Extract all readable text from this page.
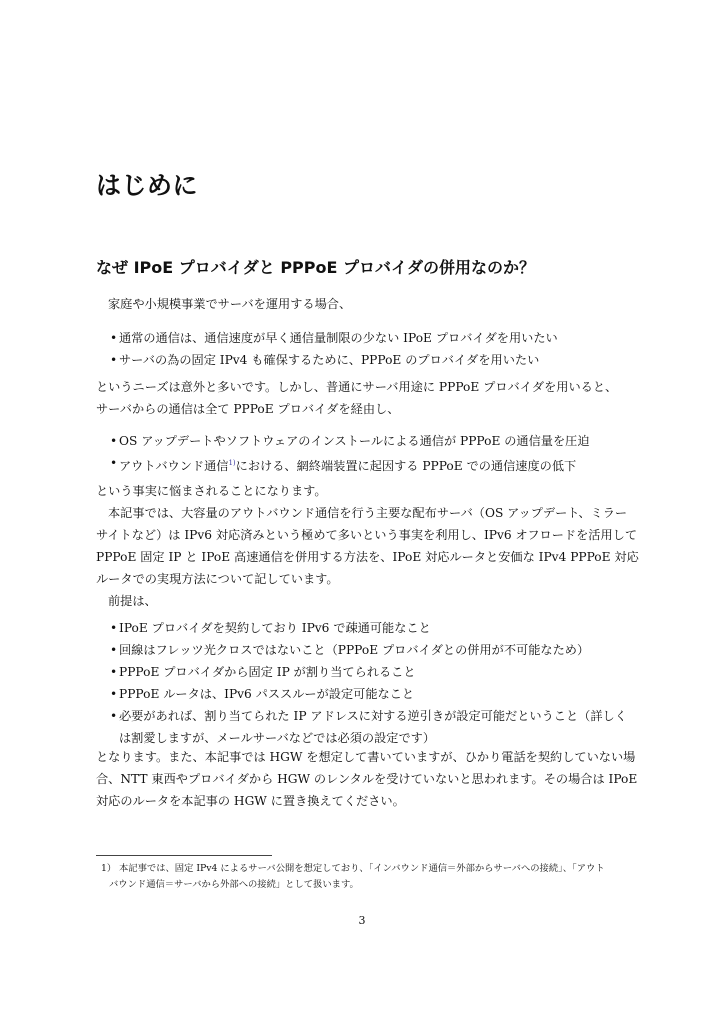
はじめに
なぜ IPoE プロバイダと PPPoE プロバイダの併用なのか？

家庭や小規模事業でサーバを運用する場合、

• 通常の通信は、通信速度が早く通信量制限の少ない IPoE プロバイダを用いたい
• サーバの為の固定 IPv4 も確保するために、PPPoE のプロバイダを用いたい

というニーズは意外と多いです。しかし、普通にサーバ用途に PPPoE プロバイダを用いると、
サーバからの通信は全て PPPoE プロバイダを経由し、

• OS アップデートやソフトウェアのインストールによる通信が PPPoE の通信量を圧迫
• アウトバウンド通信$^{1)}$における、網終端装置に起因する PPPoE での通信速度の低下

という事実に悩まされることになります。

本記事では、大容量のアウトバウンド通信を行う主要な配布サーバ（OS アップデート、ミラー

サイトなど）は IPv6 対応済みという極めて多いという事実を利用し、IPv6 オフロードを活用して
PPPoE 固定 IP と IPoE 高速通信を併用する方法を、IPoE 対応ルータと安価な IPv4 PPPoE 対応
ルータでの実現方法について記しています。

前提は、

• IPoE プロバイダを契約しており IPv6 で疎通可能なこと
• 回線はフレッツ光クロスではないこと（PPPoE プロバイダとの併用が不可能なため）
• PPPoE プロバイダから固定 IP が割り当てられること
• PPPoE ルータは、IPv6 パススルーが設定可能なこと
• 必要があれば、割り当てられた IP アドレスに対する逆引きが設定可能だということ（詳しく
は割愛しますが、メールサーバなどでは必須の設定です）

となります。また、本記事では HGW を想定して書いていますが、ひかり電話を契約していない場
合、NTT 東西やプロバイダから HGW のレンタルを受けていないと思われます。その場合は IPoE
対応のルータを本記事の HGW に置き換えてください。

1） 本記事では、固定 IPv4 によるサーバ公開を想定しており、「インバウンド通信＝外部からサーバへの接続」、「アウト
バウンド通信＝サーバから外部への接続」として扱います。
3
